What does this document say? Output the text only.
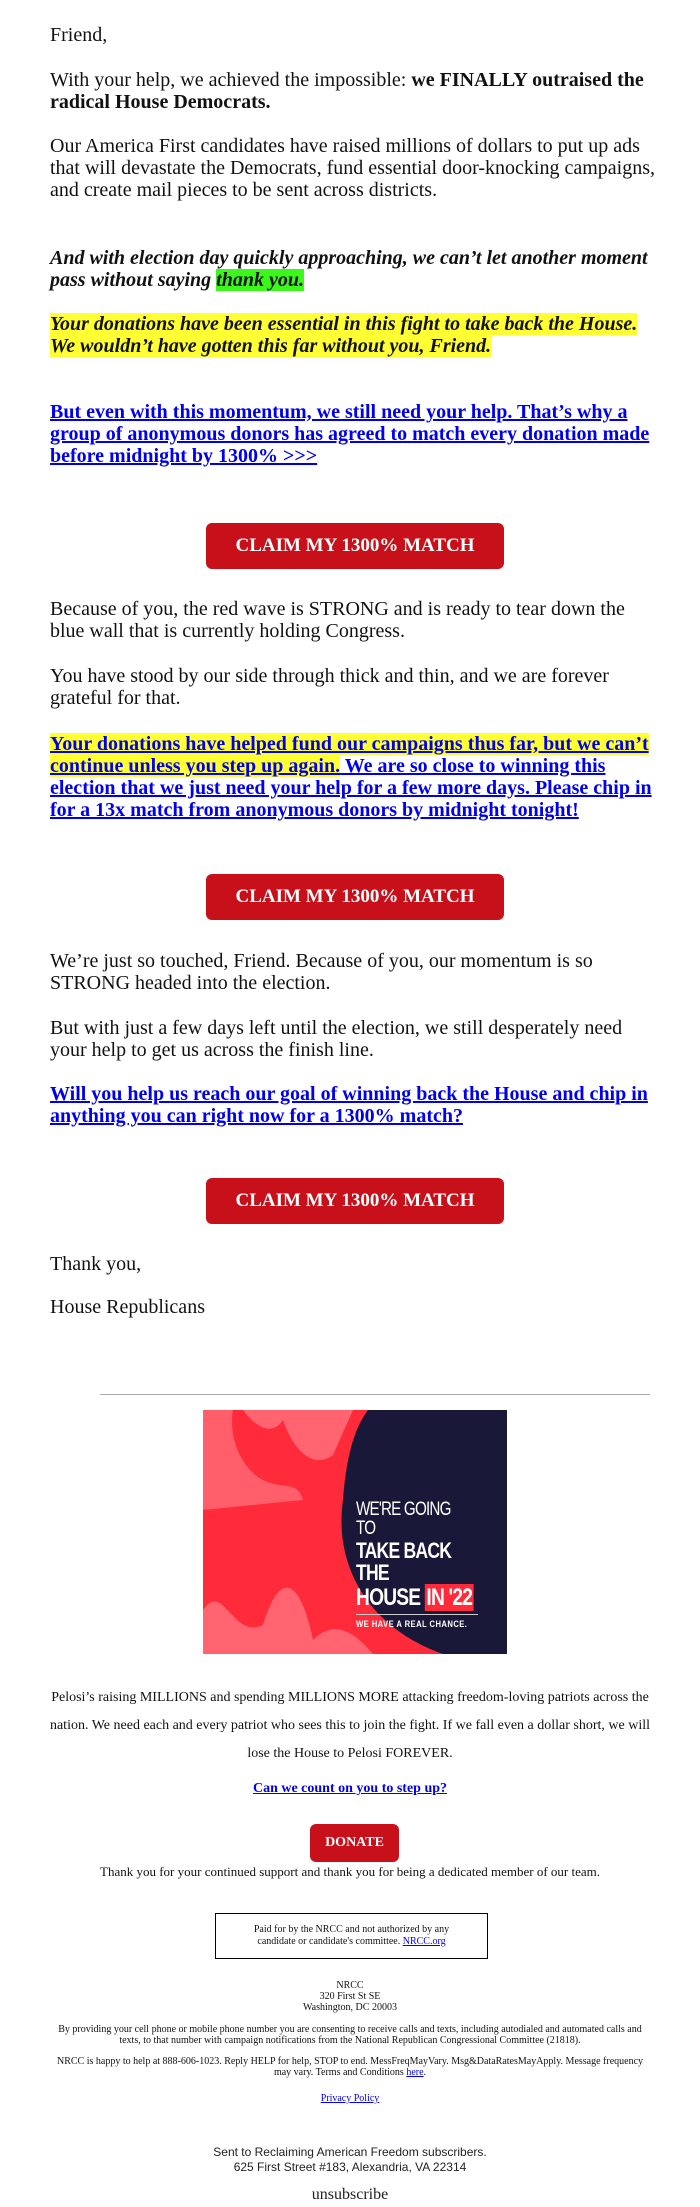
Friend,
With your help, we achieved the impossible: we FINALLY outraised the radical House Democrats.
Our America First candidates have raised millions of dollars to put up ads that will devastate the Democrats, fund essential door-knocking campaigns, and create mail pieces to be sent across districts.
And with election day quickly approaching, we can’t let another moment pass without saying thank you.
Your donations have been essential in this fight to take back the House. We wouldn’t have gotten this far without you, Friend.
But even with this momentum, we still need your help. That’s why a group of anonymous donors has agreed to match every donation made before midnight by 1300% >>>
CLAIM MY 1300% MATCH
Because of you, the red wave is STRONG and is ready to tear down the blue wall that is currently holding Congress.
You have stood by our side through thick and thin, and we are forever grateful for that.
Your donations have helped fund our campaigns thus far, but we can’t continue unless you step up again. We are so close to winning this election that we just need your help for a few more days. Please chip in for a 13x match from anonymous donors by midnight tonight!
CLAIM MY 1300% MATCH
We’re just so touched, Friend. Because of you, our momentum is so STRONG headed into the election.
But with just a few days left until the election, we still desperately need your help to get us across the finish line.
Will you help us reach our goal of winning back the House and chip in anything you can right now for a 1300% match?
CLAIM MY 1300% MATCH
Thank you,
House Republicans
WE'RE GOING TO
TAKE BACK THE
HOUSE IN '22
WE HAVE A REAL CHANCE.
Pelosi’s raising MILLIONS and spending MILLIONS MORE attacking freedom-loving patriots across the nation. We need each and every patriot who sees this to join the fight. If we fall even a dollar short, we will lose the House to Pelosi FOREVER.
Can we count on you to step up?
DONATE
Thank you for your continued support and thank you for being a dedicated member of our team.
Paid for by the NRCC and not authorized by any candidate or candidate's committee. NRCC.org
NRCC
320 First St SE
Washington, DC 20003
By providing your cell phone or mobile phone number you are consenting to receive calls and texts, including autodialed and automated calls and texts, to that number with campaign notifications from the National Republican Congressional Committee (21818).
NRCC is happy to help at 888-606-1023. Reply HELP for help, STOP to end. MessFreqMayVary. Msg&DataRatesMayApply. Message frequency may vary. Terms and Conditions here.
Privacy Policy
Sent to Reclaiming American Freedom subscribers.
625 First Street #183, Alexandria, VA 22314
unsubscribe
